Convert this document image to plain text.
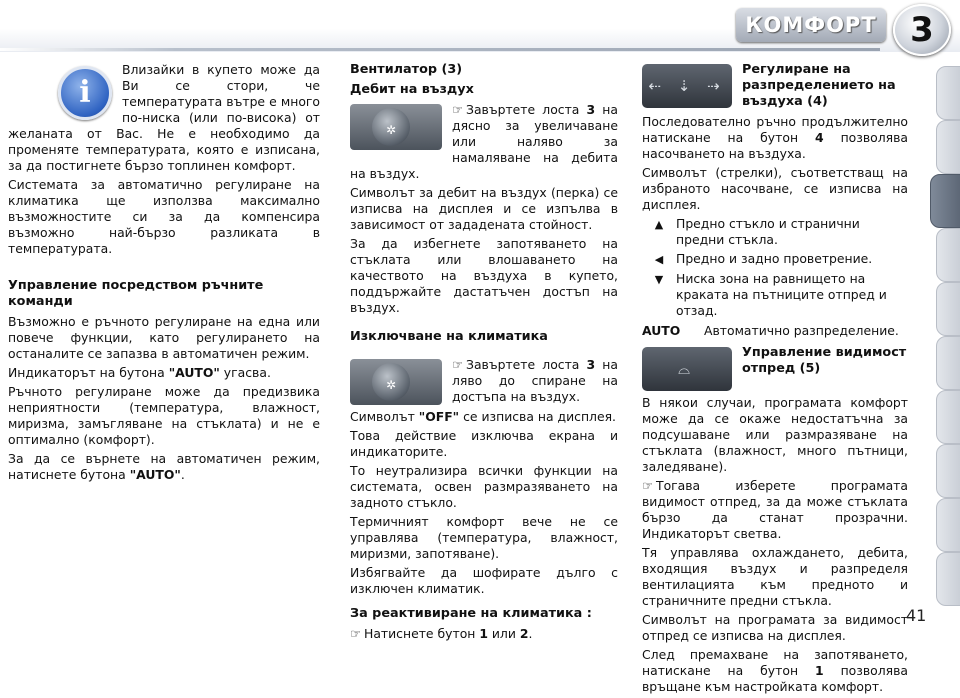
КОМФОРТ 3
i

Влизайки в купето може да Ви се стори, че температурата вътре е много по-ниска (или по-висока) от желаната от Вас. Не е необходимо да променяте температурата, която е изписана, за да постигнете бързо топлинен комфорт.

Системата за автоматично регулиране на климатика ще използва максимално възможностите си за да компенсира възможно най-бързо разликата в температурата.

Управление посредством ръчните команди

Възможно е ръчното регулиране на една или повече функции, като регулирането на останалите се запазва в автоматичен режим.

Индикаторът на бутона "AUTO" угасва.

Ръчното регулиране може да предизвика неприятности (температура, влажност, миризма, замъгляване на стъклата) и не е оптимално (комфорт).

За да се върнете на автоматичен режим, натиснете бутона "AUTO".

Вентилатор (3)
Дебит на въздух
✲

☞ Завъртете лоста 3 на дясно за увеличаване или наляво за намаляване на дебита на въздух.

Символът за дебит на въздух (перка) се изписва на дисплея и се изпълва в зависимост от зададената стойност.

За да избегнете запотяването на стъклата или влошаването на качеството на въздуха в купето, поддържайте дастатъчен достъп на въздух.

Изключване на климатика
✲

☞ Завъртете лоста 3 на ляво до спиране на достъпа на въздух.

Символът "OFF" се изписва на дисплея.

Това действие изключва екрана и индикаторите.

То неутрализира всички функции на системата, освен размразяването на задното стъкло.

Термичният комфорт вече не се управлява (температура, влажност, миризми, запотяване).

Избягвайте да шофирате дълго с изключен климатик.

За реактивиране на климатика :

☞ Натиснете бутон 1 или 2.

⇠ ⇣ ⇢
Регулиране на разпределението на въздуха (4)

Последователно ръчно продължително натискане на бутон 4 позволява насочването на въздуха.

Символът (стрелки), съответстващ на избраното насочване, се изписва на дисплея.

▲	Предно стъкло и странични предни стъкла.
◀	Предно и задно проветрение.
▼	Ниска зона на равнището на краката на пътниците отпред и отзад.
AUTO	Автоматично разпределение.
⌓
Управление видимост отпред (5)

В някои случаи, програмата комфорт може да се окаже недостатъчна за подсушаване или размразяване на стъклата (влажност, много пътници, заледяване).

☞ Тогава изберете програмата видимост отпред, за да може стъклата бързо да станат прозрачни. Индикаторът светва.

Тя управлява охлаждането, дебита, входящия въздух и разпределя вентилацията към предното и страничните предни стъкла.

Символът на програмата за видимост отпред се изписва на дисплея.

След премахване на запотяването, натискане на бутон 1 позволява връщане към настройката комфорт.

41
